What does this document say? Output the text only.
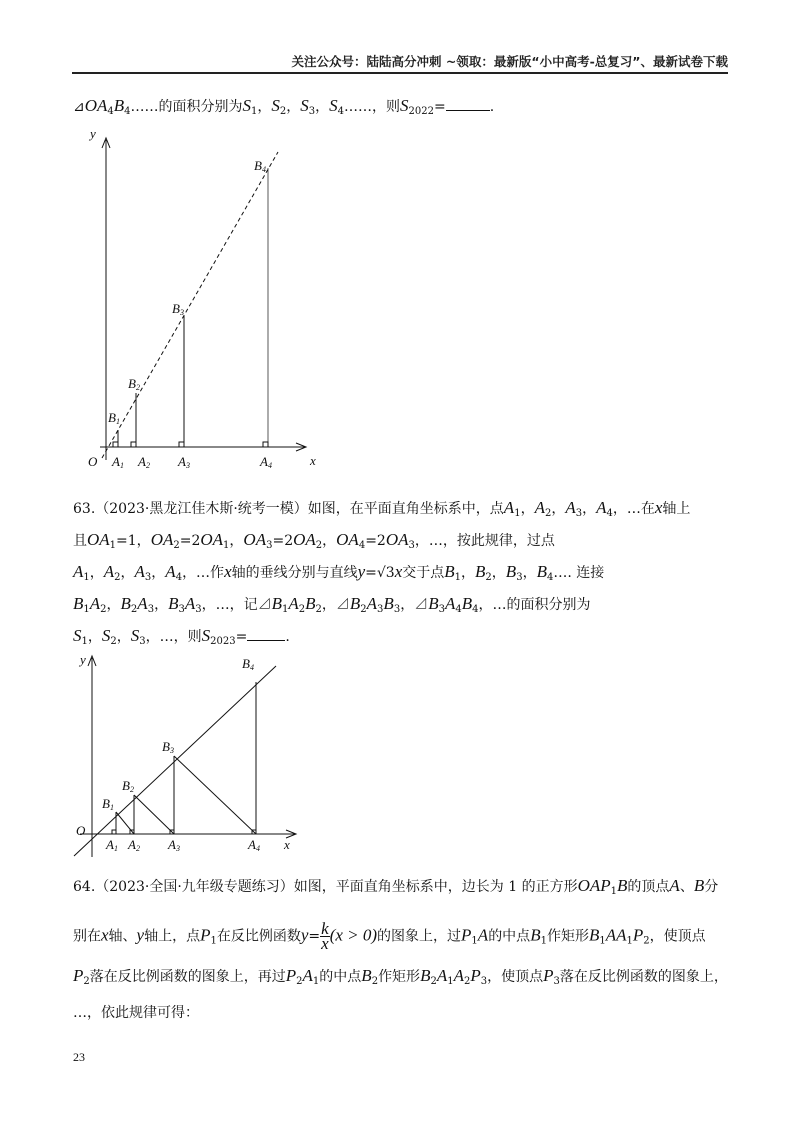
关注公众号：陆陆高分冲刺 ~领取：最新版“小中高考-总复习”、最新试卷下载
$⊿OA_4B_4\dots\dots$的面积分别为$S_1$，$S_2$，$S_3$，$S_4\dots\dots$，则$S_{2022}=$	.
y
x
O
B1
B2
B3
B4
A1 A2 A3	A4
63.（2023·黑龙江佳木斯·统考一模）如图，在平面直角坐标系中，点$A_1$，$A_2$，$A_3$，$A_4$，…在x轴上
且$OA_1=1$，$OA_2=2OA_1$，$OA_3=2OA_2$，$OA_4=2OA_3$，…，按此规律，过点
$A_1$，$A_2$，$A_3$，$A_4$，…作x轴的垂线分别与直线y=√3x交于点$B_1$，$B_2$，$B_3$，$B_4\dots$. 连接
$B_1A_2$，$B_2A_3$，$B_3A_3$，…，记$⊿B_1A_2B_2$，$⊿B_2A_3B_3$，$⊿B_3A_4B_4$，…的面积分别为
$S_1$，$S_2$，$S_3$，…，则$S_{2023}=$	.
y
x
O
B1
B2
B3
B4
A1 A2 A3	A4
64.（2023·全国·九年级专题练习）如图，平面直角坐标系中，边长为 1 的正方形$OAP_1B$的顶点A、B分
别在x轴、y轴上，点$P_1$在反比例函数$y= \frac{k}{x} (x > 0)$的图象上，过$P_1A$的中点$B_1$作矩形$B_1AA_1P_2$，使顶点
$P_2$落在反比例函数的图象上，再过$P_2A_1$的中点$B_2$作矩形$B_2A_1A_2P_3$，使顶点$P_3$落在反比例函数的图象上，
…，依此规律可得：
23
